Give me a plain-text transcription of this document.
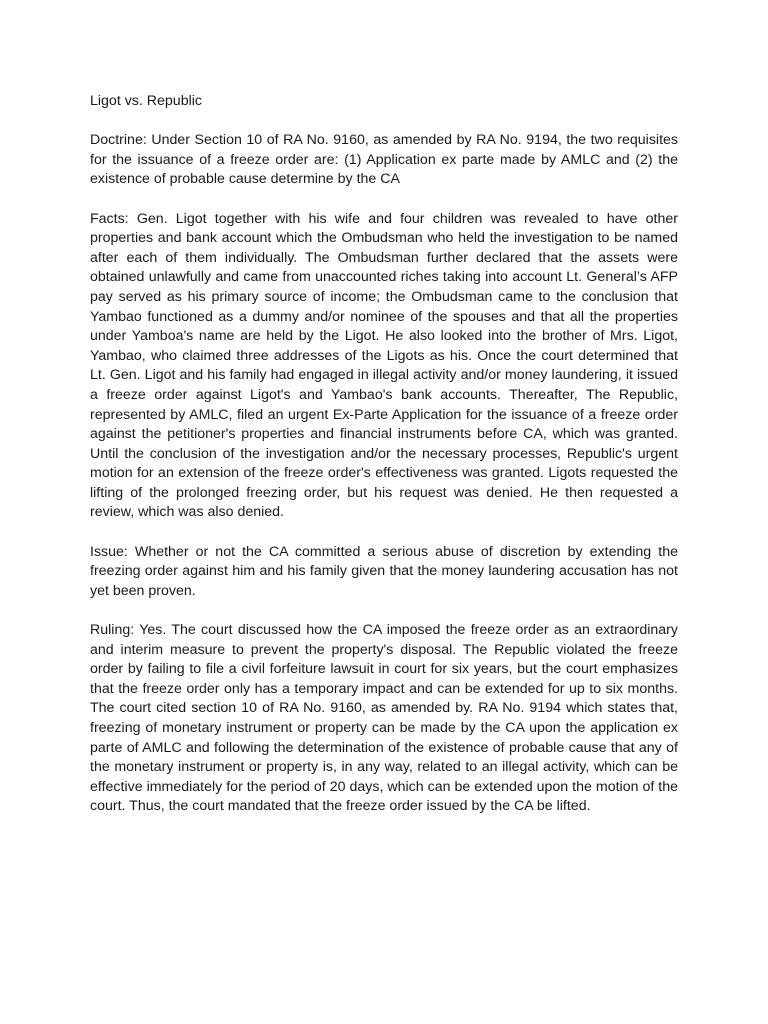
Ligot vs. Republic

Doctrine: Under Section 10 of RA No. 9160, as amended by RA No. 9194, the two requisites for the issuance of a freeze order are: (1) Application ex parte made by AMLC and (2) the existence of probable cause determine by the CA

Facts: Gen. Ligot together with his wife and four children was revealed to have other properties and bank account which the Ombudsman who held the investigation to be named after each of them individually. The Ombudsman further declared that the assets were obtained unlawfully and came from unaccounted riches taking into account Lt. General’s AFP pay served as his primary source of income; the Ombudsman came to the conclusion that Yambao functioned as a dummy and/or nominee of the spouses and that all the properties under Yamboa's name are held by the Ligot. He also looked into the brother of Mrs. Ligot, Yambao, who claimed three addresses of the Ligots as his. Once the court determined that Lt. Gen. Ligot and his family had engaged in illegal activity and/or money laundering, it issued a freeze order against Ligot's and Yambao's bank accounts. Thereafter, The Republic, represented by AMLC, filed an urgent Ex-Parte Application for the issuance of a freeze order against the petitioner's properties and financial instruments before CA, which was granted. Until the conclusion of the investigation and/or the necessary processes, Republic's urgent motion for an extension of the freeze order's effectiveness was granted. Ligots requested the lifting of the prolonged freezing order, but his request was denied. He then requested a review, which was also denied.

Issue: Whether or not the CA committed a serious abuse of discretion by extending the freezing order against him and his family given that the money laundering accusation has not yet been proven.

Ruling: Yes. The court discussed how the CA imposed the freeze order as an extraordinary and interim measure to prevent the property's disposal. The Republic violated the freeze order by failing to file a civil forfeiture lawsuit in court for six years, but the court emphasizes that the freeze order only has a temporary impact and can be extended for up to six months. The court cited section 10 of RA No. 9160, as amended by. RA No. 9194 which states that, freezing of monetary instrument or property can be made by the CA upon the application ex parte of AMLC and following the determination of the existence of probable cause that any of the monetary instrument or property is, in any way, related to an illegal activity, which can be effective immediately for the period of 20 days, which can be extended upon the motion of the court. Thus, the court mandated that the freeze order issued by the CA be lifted.
